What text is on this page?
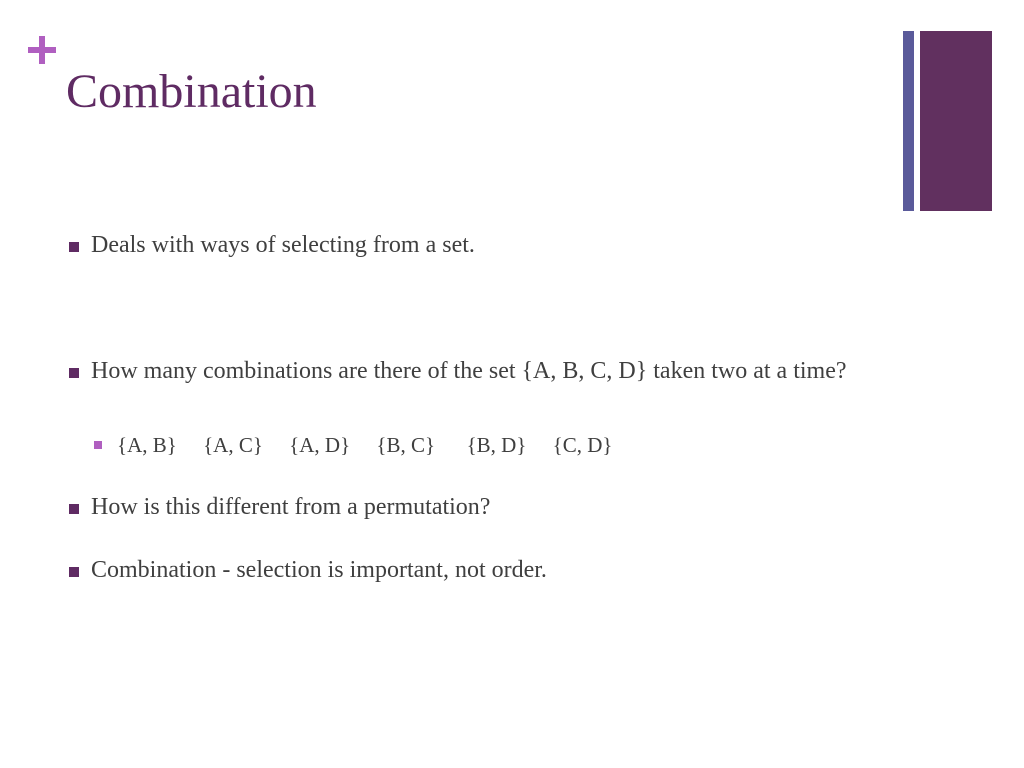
Combination
Deals with ways of selecting from a set.
How many combinations are there of the set {A, B, C, D} taken two at a time?
{A, B}     {A, C}     {A, D}     {B, C}      {B, D}     {C, D}
How is this different from a permutation?
Combination - selection is important, not order.
